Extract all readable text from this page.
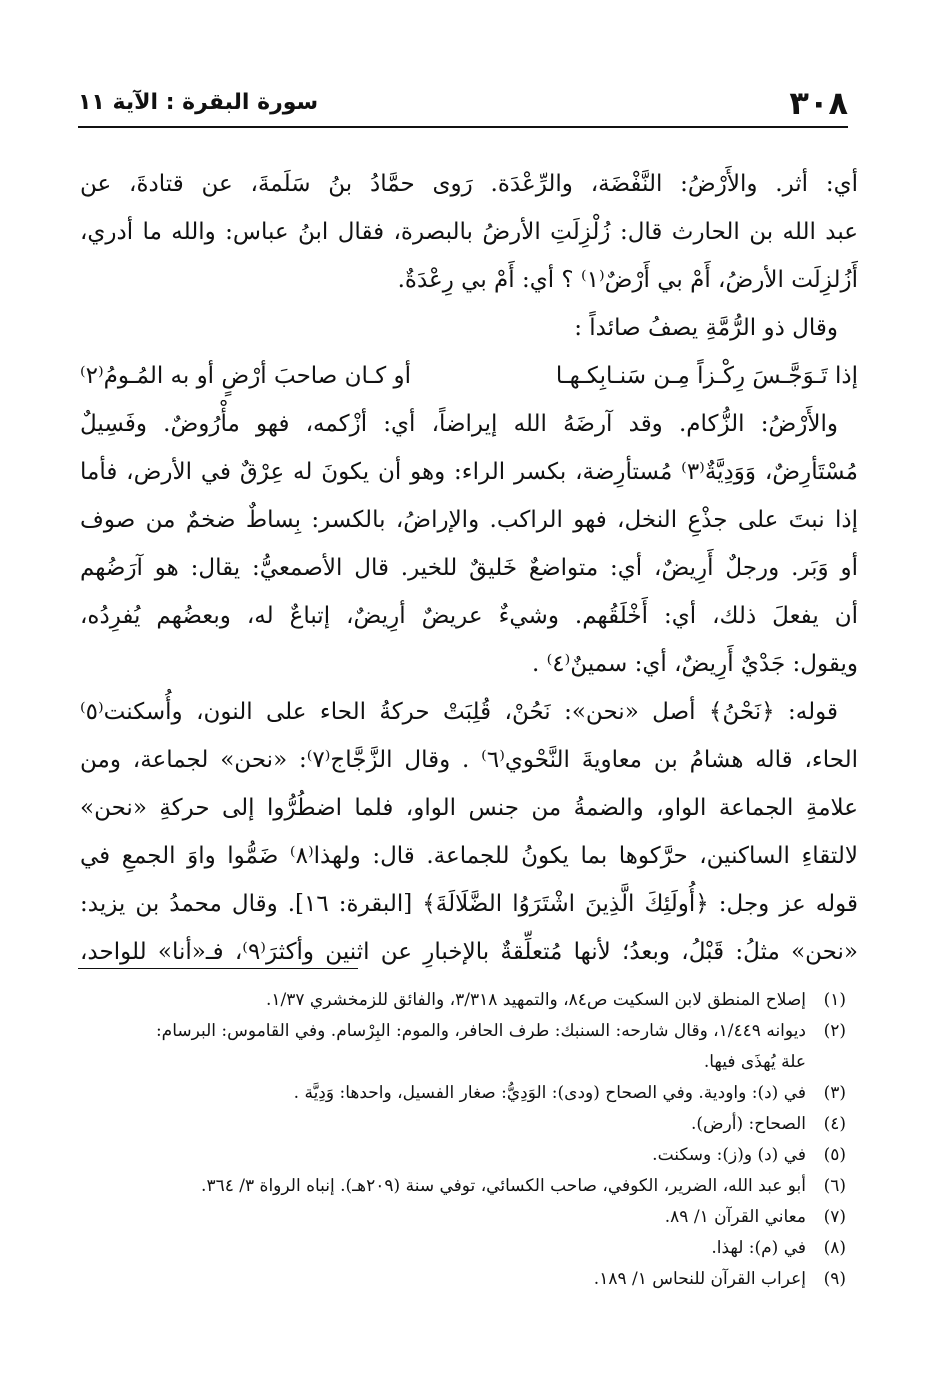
٣٠٨
سورة البقرة : الآية ١١
أي: أثر. والأَرْضُ: النَّفْضَة، والرِّعْدَة. رَوى حمَّادُ بنُ سَلَمةَ، عن قتادةَ، عن
عبد الله بن الحارث قال: زُلْزِلَتِ الأرضُ بالبصرة، فقال ابنُ عباس: والله ما أدري،
أَزُلزِلَت الأرضُ، أَمْ بي أَرْضٌ⁽١⁾ ؟ أي: أَمْ بي رِعْدَةٌ.
وقال ذو الرُّمَّةِ يصفُ صائداً :
إذا تَـوَجَّـسَ رِكْـزاً مِـن سَنـابِكـهـا
أو كـان صاحبَ أرْضٍ أو به المُـومُ⁽٢⁾
والأَرْضُ: الزُّكام. وقد آرضَهُ الله إيراضاً، أي: أزْكمه، فهو مأْرُوضٌ. وفَسِيلٌ
مُسْتَأرِضٌ، وَوَدِيَّةٌ⁽٣⁾ مُستأرِضة، بكسر الراء: وهو أن يكونَ له عِرْقٌ في الأرض، فأما
إذا نبتَ على جذْعِ النخل، فهو الراكب. والإراضُ، بالكسر: بِساطٌ ضخمٌ من صوف
أو وَبَر. ورجلٌ أَرِيضٌ، أي: متواضعٌ خَليقٌ للخير. قال الأصمعيُّ: يقال: هو آرَضُهم
أن يفعلَ ذلك، أي: أَخْلَقُهم. وشيءٌ عريضٌ أرِيضٌ، إتباعٌ له، وبعضُهم يُفرِدُه،
ويقول: جَدْيٌ أَرِيضٌ، أي: سمينٌ⁽٤⁾ .
قوله: ﴿نَحْنُ﴾ أصل «نحن»: نَحُنْ، قُلِبَتْ حركةُ الحاء على النون، وأُسكنت⁽٥⁾
الحاء، قاله هشامُ بن معاويةَ النَّحْوي⁽٦⁾ . وقال الزَّجَّاج⁽٧⁾: «نحن» لجماعة، ومن
علامةِ الجماعة الواو، والضمةُ من جنس الواو، فلما اضطُرُّوا إلى حركةِ «نحن»
لالتقاءِ الساكنين، حرَّكوها بما يكونُ للجماعة. قال: ولهذا⁽٨⁾ ضَمُّوا واوَ الجمعِ في
قوله عز وجل: ﴿أُولَئِكَ الَّذِينَ اشْتَرَوُا الضَّلَالَةَ﴾ [البقرة: ١٦]. وقال محمدُ بن يزيد:
«نحن» مثلُ: قَبْلُ، وبعدُ؛ لأنها مُتعلِّقةٌ بالإخبارِ عن اثنين وأكثرَ⁽٩⁾، فـ«أنا» للواحد،
(١)
إصلاح المنطق لابن السكيت ص٨٤، والتمهيد ٣/٣١٨، والفائق للزمخشري ١/٣٧.
(٢)
ديوانه ١/٤٤٩، وقال شارحه: السنبك: طرف الحافر، والموم: البِرْسام. وفي القاموس: البرسام:
علة يُهذَى فيها.
(٣)
في (د): واودية. وفي الصحاح (ودى): الوَدِيُّ: صغار الفسيل، واحدها: وَدِيَّة .
(٤)
الصحاح: (أرض).
(٥)
في (د) و(ز): وسكنت.
(٦)
أبو عبد الله، الضرير، الكوفي، صاحب الكسائي، توفي سنة (٢٠٩هـ). إنباه الرواة ٣/ ٣٦٤.
(٧)
معاني القرآن ١/ ٨٩.
(٨)
في (م): لهذا.
(٩)
إعراب القرآن للنحاس ١/ ١٨٩.
